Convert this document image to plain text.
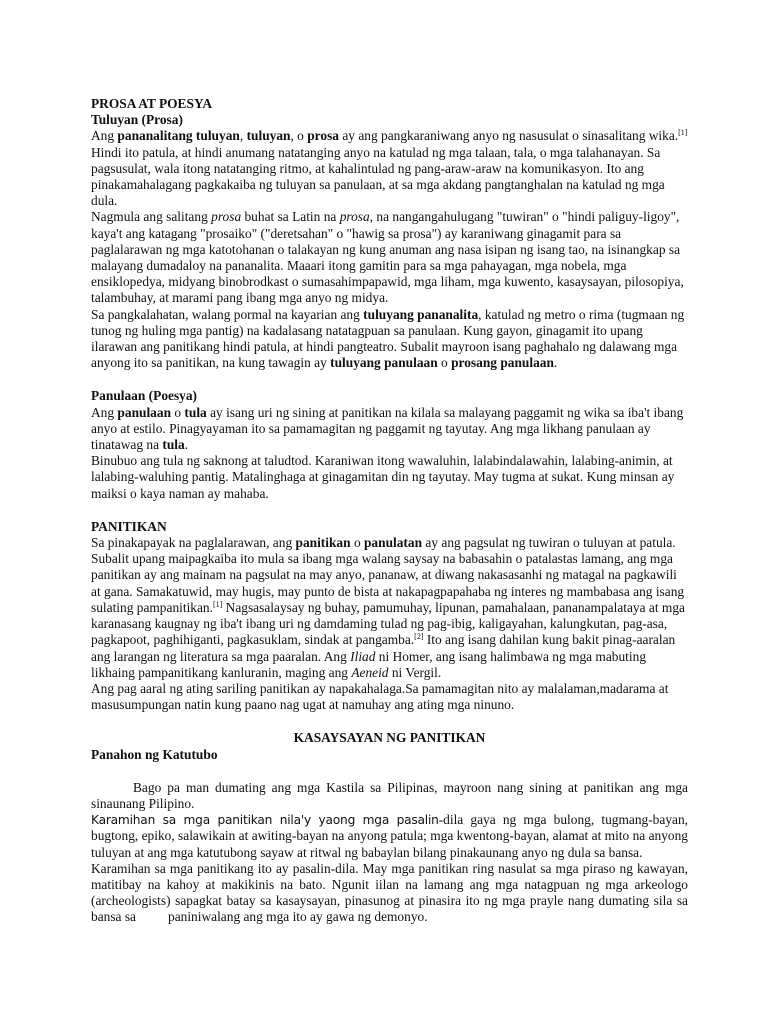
PROSA AT POESYA

Tuluyan (Prosa)

Ang pananalitang tuluyan, tuluyan, o prosa ay ang pangkaraniwang anyo ng nasusulat o sinasalitang wika.[1] Hindi ito patula, at hindi anumang natatanging anyo na katulad ng mga talaan, tala, o mga talahanayan. Sa pagsusulat, wala itong natatanging ritmo, at kahalintulad ng pang-araw-araw na komunikasyon. Ito ang pinakamahalagang pagkakaiba ng tuluyan sa panulaan, at sa mga akdang pangtanghalan na katulad ng mga dula.

Nagmula ang salitang prosa buhat sa Latin na prosa, na nangangahulugang "tuwiran" o "hindi paliguy-ligoy", kaya't ang katagang "prosaiko" ("deretsahan" o "hawig sa prosa") ay karaniwang ginagamit para sa paglalarawan ng mga katotohanan o talakayan ng kung anuman ang nasa isipan ng isang tao, na isinangkap sa malayang dumadaloy na pananalita. Maaari itong gamitin para sa mga pahayagan, mga nobela, mga ensiklopedya, midyang binobrodkast o sumasahimpapawid, mga liham, mga kuwento, kasaysayan, pilosopiya, talambuhay, at marami pang ibang mga anyo ng midya.

Sa pangkalahatan, walang pormal na kayarian ang tuluyang pananalita, katulad ng metro o rima (tugmaan ng tunog ng huling mga pantig) na kadalasang natatagpuan sa panulaan. Kung gayon, ginagamit ito upang ilarawan ang panitikang hindi patula, at hindi pangteatro. Subalit mayroon isang paghahalo ng dalawang mga anyong ito sa panitikan, na kung tawagin ay tuluyang panulaan o prosang panulaan.

Panulaan (Poesya)

Ang panulaan o tula ay isang uri ng sining at panitikan na kilala sa malayang paggamit ng wika sa iba't ibang anyo at estilo. Pinagyayaman ito sa pamamagitan ng paggamit ng tayutay. Ang mga likhang panulaan ay tinatawag na tula.

Binubuo ang tula ng saknong at taludtod. Karaniwan itong wawaluhin, lalabindalawahin, lalabing-animin, at lalabing-waluhing pantig. Matalinghaga at ginagamitan din ng tayutay. May tugma at sukat. Kung minsan ay maiksi o kaya naman ay mahaba.

PANITIKAN

Sa pinakapayak na paglalarawan, ang panitikan o panulatan ay ang pagsulat ng tuwiran o tuluyan at patula. Subalit upang maipagkaiba ito mula sa ibang mga walang saysay na babasahin o patalastas lamang, ang mga panitikan ay ang mainam na pagsulat na may anyo, pananaw, at diwang nakasasanhi ng matagal na pagkawili at gana. Samakatuwid, may hugis, may punto de bista at nakapagpapahaba ng interes ng mambabasa ang isang sulating pampanitikan.[1] Nagsasalaysay ng buhay, pamumuhay, lipunan, pamahalaan, pananampalataya at mga karanasang kaugnay ng iba't ibang uri ng damdaming tulad ng pag-ibig, kaligayahan, kalungkutan, pag-asa, pagkapoot, paghihiganti, pagkasuklam, sindak at pangamba.[2] Ito ang isang dahilan kung bakit pinag-aaralan ang larangan ng literatura sa mga paaralan. Ang Iliad ni Homer, ang isang halimbawa ng mga mabuting likhaing pampanitikang kanluranin, maging ang Aeneid ni Vergil.

Ang pag aaral ng ating sariling panitikan ay napakahalaga.Sa pamamagitan nito ay malalaman,madarama at masusumpungan natin kung paano nag ugat at namuhay ang ating mga ninuno.

KASAYSAYAN NG PANITIKAN

Panahon ng Katutubo

Bago pa man dumating ang mga Kastila sa Pilipinas, mayroon nang sining at panitikan ang mga sinaunang Pilipino.

Karamihan sa mga panitikan nila'y yaong mga pasalin-dila gaya ng mga bulong, tugmang-bayan, bugtong, epiko, salawikain at awiting-bayan na anyong patula; mga kwentong-bayan, alamat at mito na anyong tuluyan at ang mga katutubong sayaw at ritwal ng babaylan bilang pinakaunang anyo ng dula sa bansa.

Karamihan sa mga panitikang ito ay pasalin-dila. May mga panitikan ring nasulat sa mga piraso ng kawayan, matitibay na kahoy at makikinis na bato. Ngunit iilan na lamang ang mga natagpuan ng mga arkeologo (archeologists) sapagkat batay sa kasaysayan, pinasunog at pinasira ito ng mga prayle nang dumating sila sa bansa sa paniniwalang ang mga ito ay gawa ng demonyo.
